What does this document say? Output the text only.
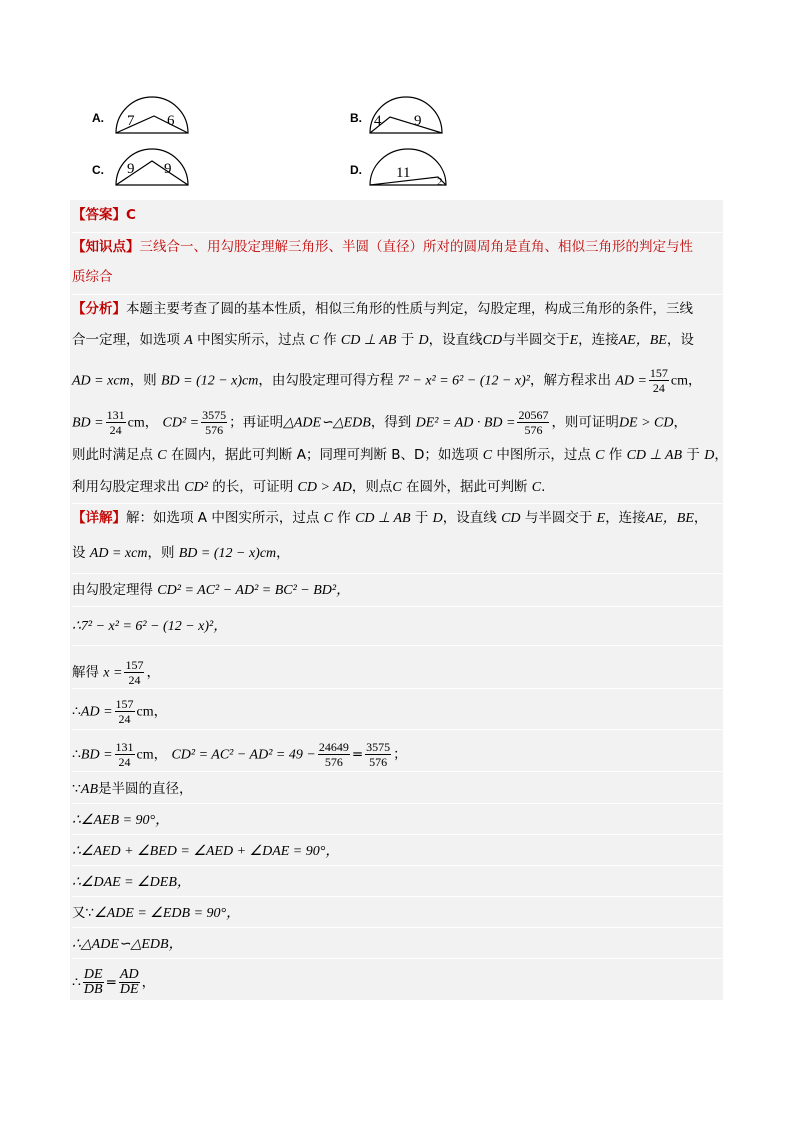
A. 7 6	B. 4 9
C. 9 9	D. 11
2
【答案】C
【知识点】三线合一、用勾股定理解三角形、半圆（直径）所对的圆周角是直角、相似三角形的判定与性
质综合
【分析】本题主要考查了圆的基本性质，相似三角形的性质与判定，勾股定理，构成三角形的条件，三线
合一定理，如选项 A 中图实所示，过点 C 作 CD ⊥ AB 于 D，设直线CD与半圆交于E，连接AE，BE，设
AD = xcm，则 BD = (12 − x)cm，由勾股定理可得方程 7² − x² = 6² − (12 − x)²，解方程求出 AD = $\frac{157}{24}$ cm，
BD = $\frac{131}{24}$ cm， $CD^2 = \frac{3575}{576}$ ；再证明△ADE∽△EDB，得到 DE² = AD · BD = $\frac{20567}{576}$ ，则可证明DE > CD，
则此时满足点 C 在圆内，据此可判断 A；同理可判断 B、D；如选项 C 中图所示，过点 C 作 CD ⊥ AB 于 D，
利用勾股定理求出 CD² 的长，可证明 CD > AD，则点C 在圆外，据此可判断 C.
【详解】解：如选项 A 中图实所示，过点 C 作 CD ⊥ AB 于 D，设直线 CD 与半圆交于 E，连接AE，BE，
设 AD = xcm，则 BD = (12 − x)cm，
由勾股定理得 CD² = AC² − AD² = BC² − BD²，
∴7² − x² = 6² − (12 − x)²，
解得 $x = \frac{157}{24}$ ，
∴AD = $\frac{157}{24}$ cm，
∴BD = $\frac{131}{24}$ cm， $CD^2 = AC^2 - AD^2 = 49 - \frac{24649}{576} = \frac{3575}{576}$ ；
∵AB是半圆的直径，
∴∠AEB = 90°，
∴∠AED + ∠BED = ∠AED + ∠DAE = 90°，
∴∠DAE = ∠DEB，
又∵∠ADE = ∠EDB = 90°，
∴△ADE∽△EDB，
∴ $\frac{DE}{DB} = \frac{AD}{DE}$ ，
